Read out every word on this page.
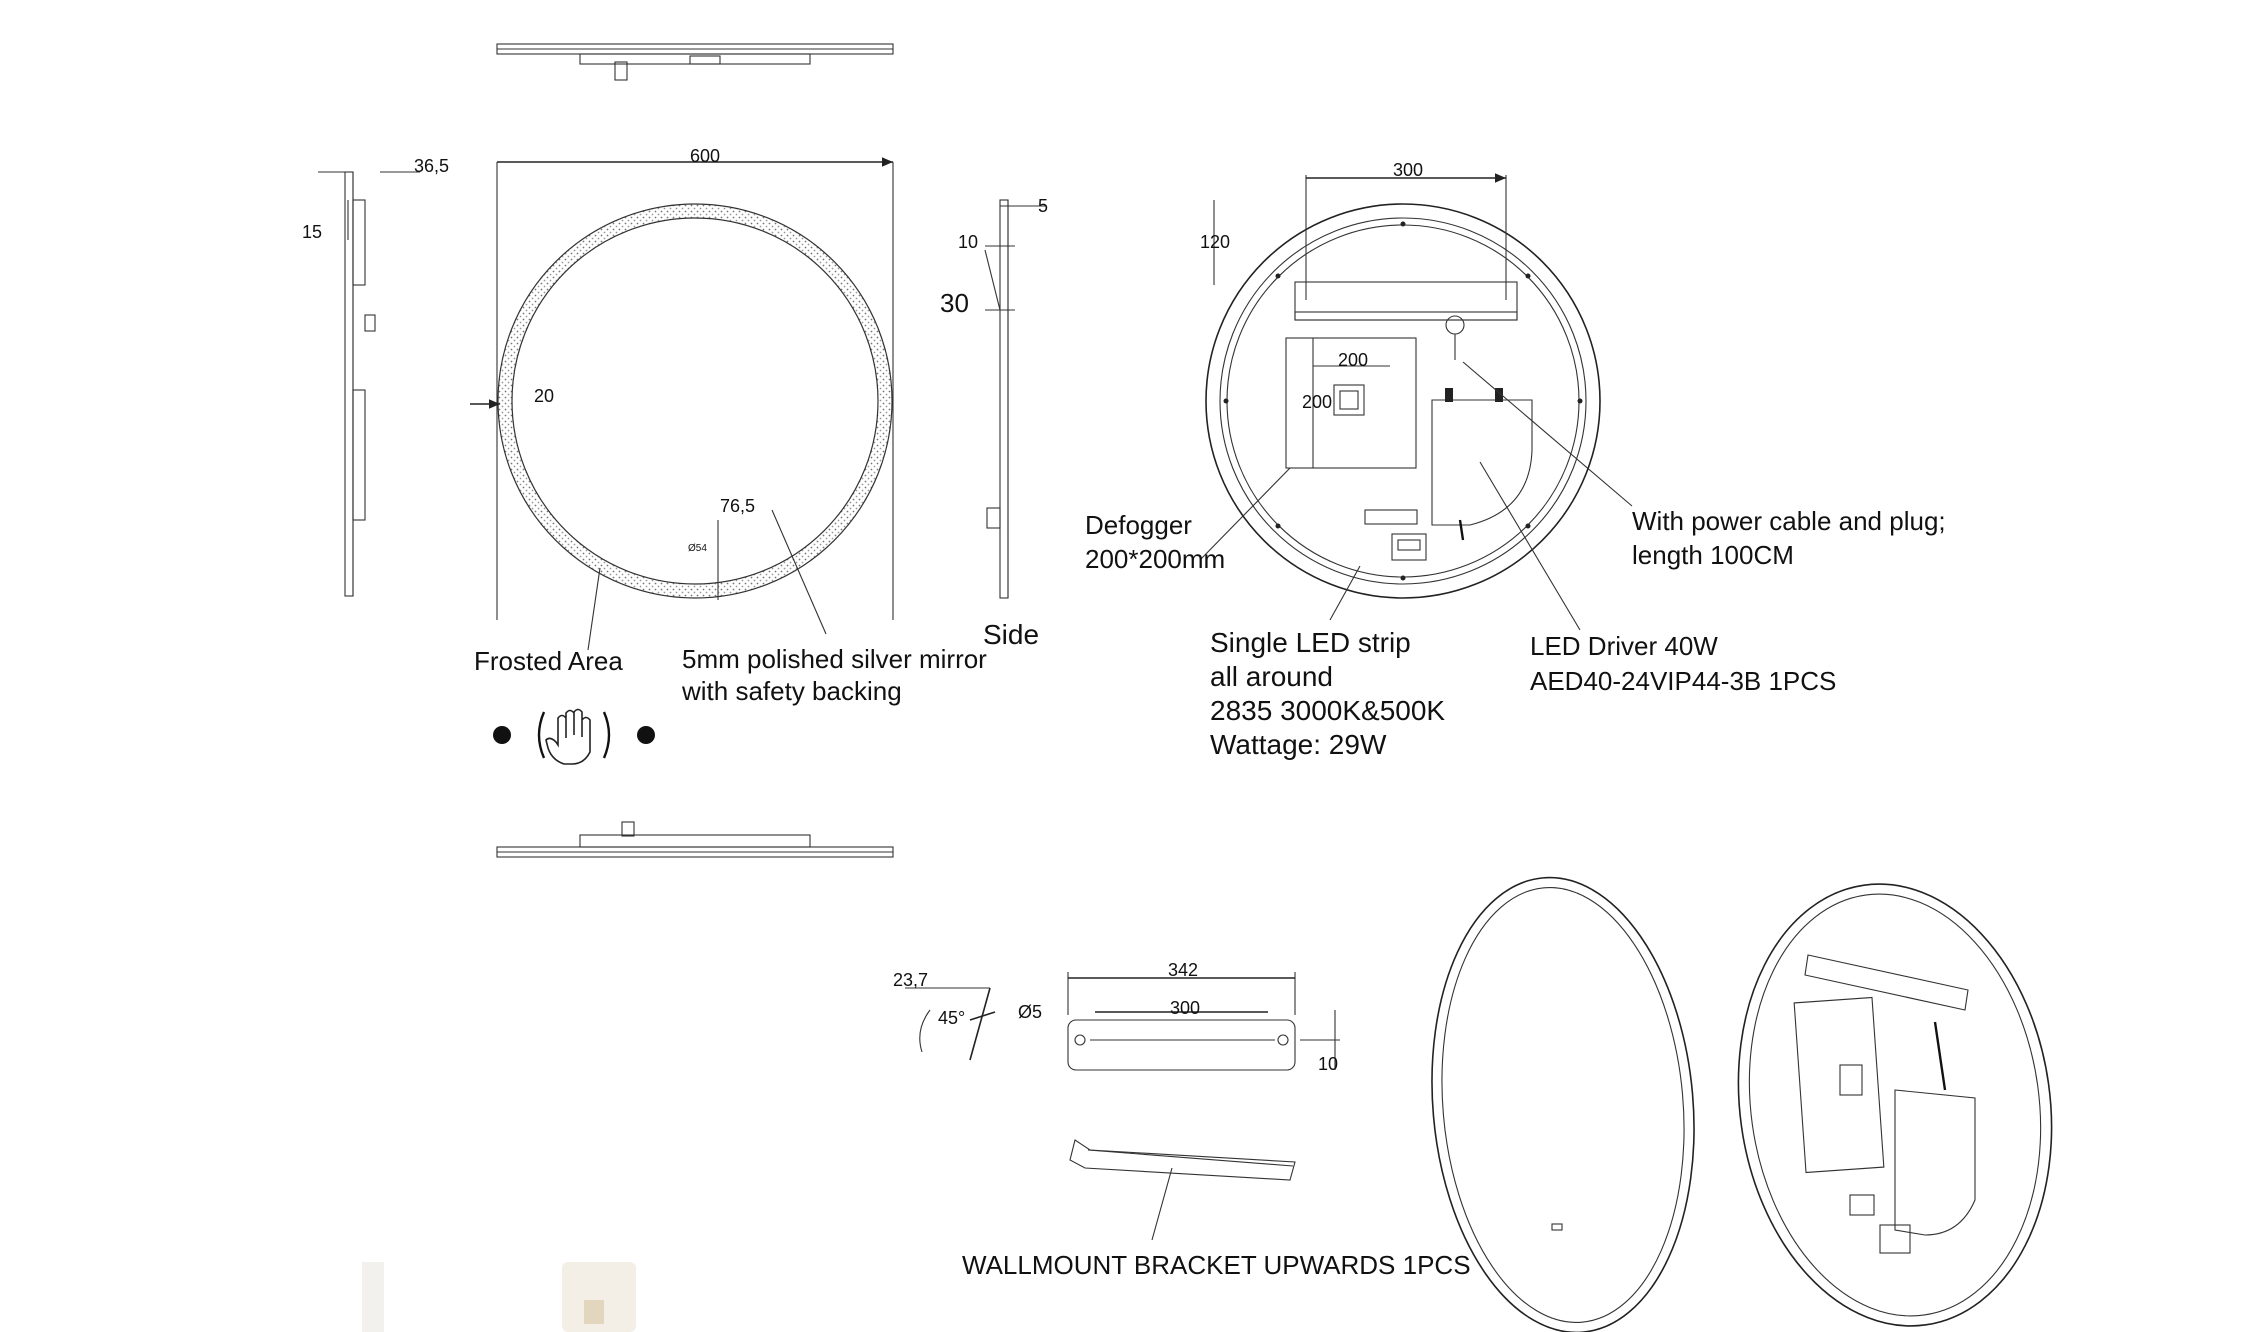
36,5
15
600
20
76,5
Ø54
Frosted Area 5mm polished silver mirror
with safety backing
5
10
30
Side
300
120
200
200
Defogger
200*200mm
With power cable and plug;
length 100CM
Single LED strip
all around
2835 3000K&500K
Wattage: 29W
LED Driver 40W
AED40-24VIP44-3B 1PCS
23,7
45°
342
300
Ø5
10
WALLMOUNT BRACKET UPWARDS 1PCS
